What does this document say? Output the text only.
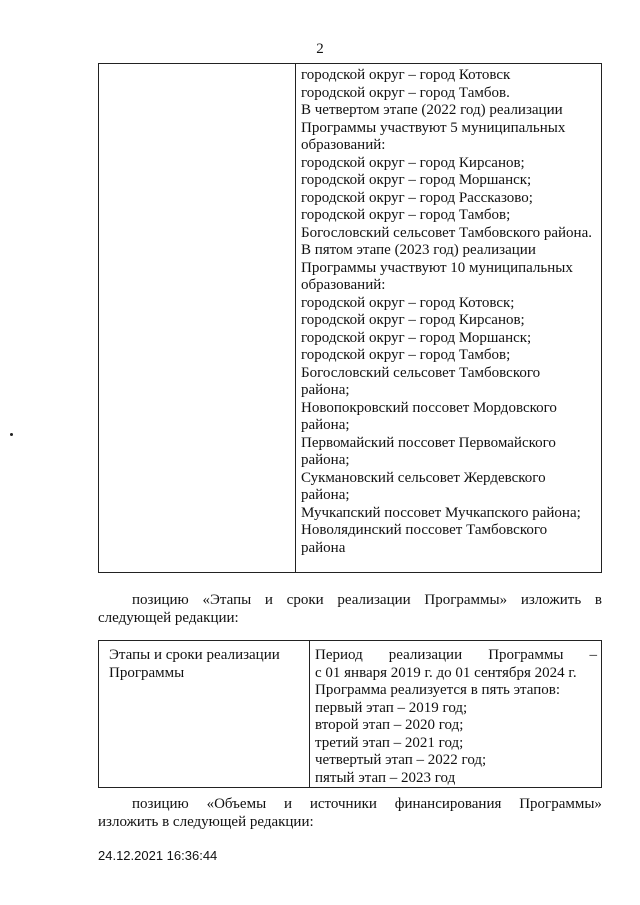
2

городской округ – город Котовск
городской округ – город Тамбов.
В четвертом этапе (2022 год) реализации
Программы участвуют 5 муниципальных
образований:
городской округ – город Кирсанов;
городской округ – город Моршанск;
городской округ – город Рассказово;
городской округ – город Тамбов;
Богословский сельсовет Тамбовского района.
В пятом этапе (2023 год) реализации
Программы участвуют 10 муниципальных
образований:
городской округ – город Котовск;
городской округ – город Кирсанов;
городской округ – город Моршанск;
городской округ – город Тамбов;
Богословский сельсовет Тамбовского
района;
Новопокровский поссовет Мордовского
района;
Первомайский поссовет Первомайского
района;
Сукмановский сельсовет Жердевского
района;
Мучкапский поссовет Мучкапского района;
Новолядинский поссовет Тамбовского
района
позицию «Этапы и сроки реализации Программы» изложить в
следующей редакции:
Этапы и сроки реализации
Программы

Период реализации Программы –
с 01 января 2019 г. до 01 сентября 2024 г.
Программа реализуется в пять этапов:
первый этап – 2019 год;
второй этап – 2020 год;
третий этап – 2021 год;
четвертый этап – 2022 год;
пятый этап – 2023 год
позицию «Объемы и источники финансирования Программы»
изложить в следующей редакции:
24.12.2021 16:36:44
